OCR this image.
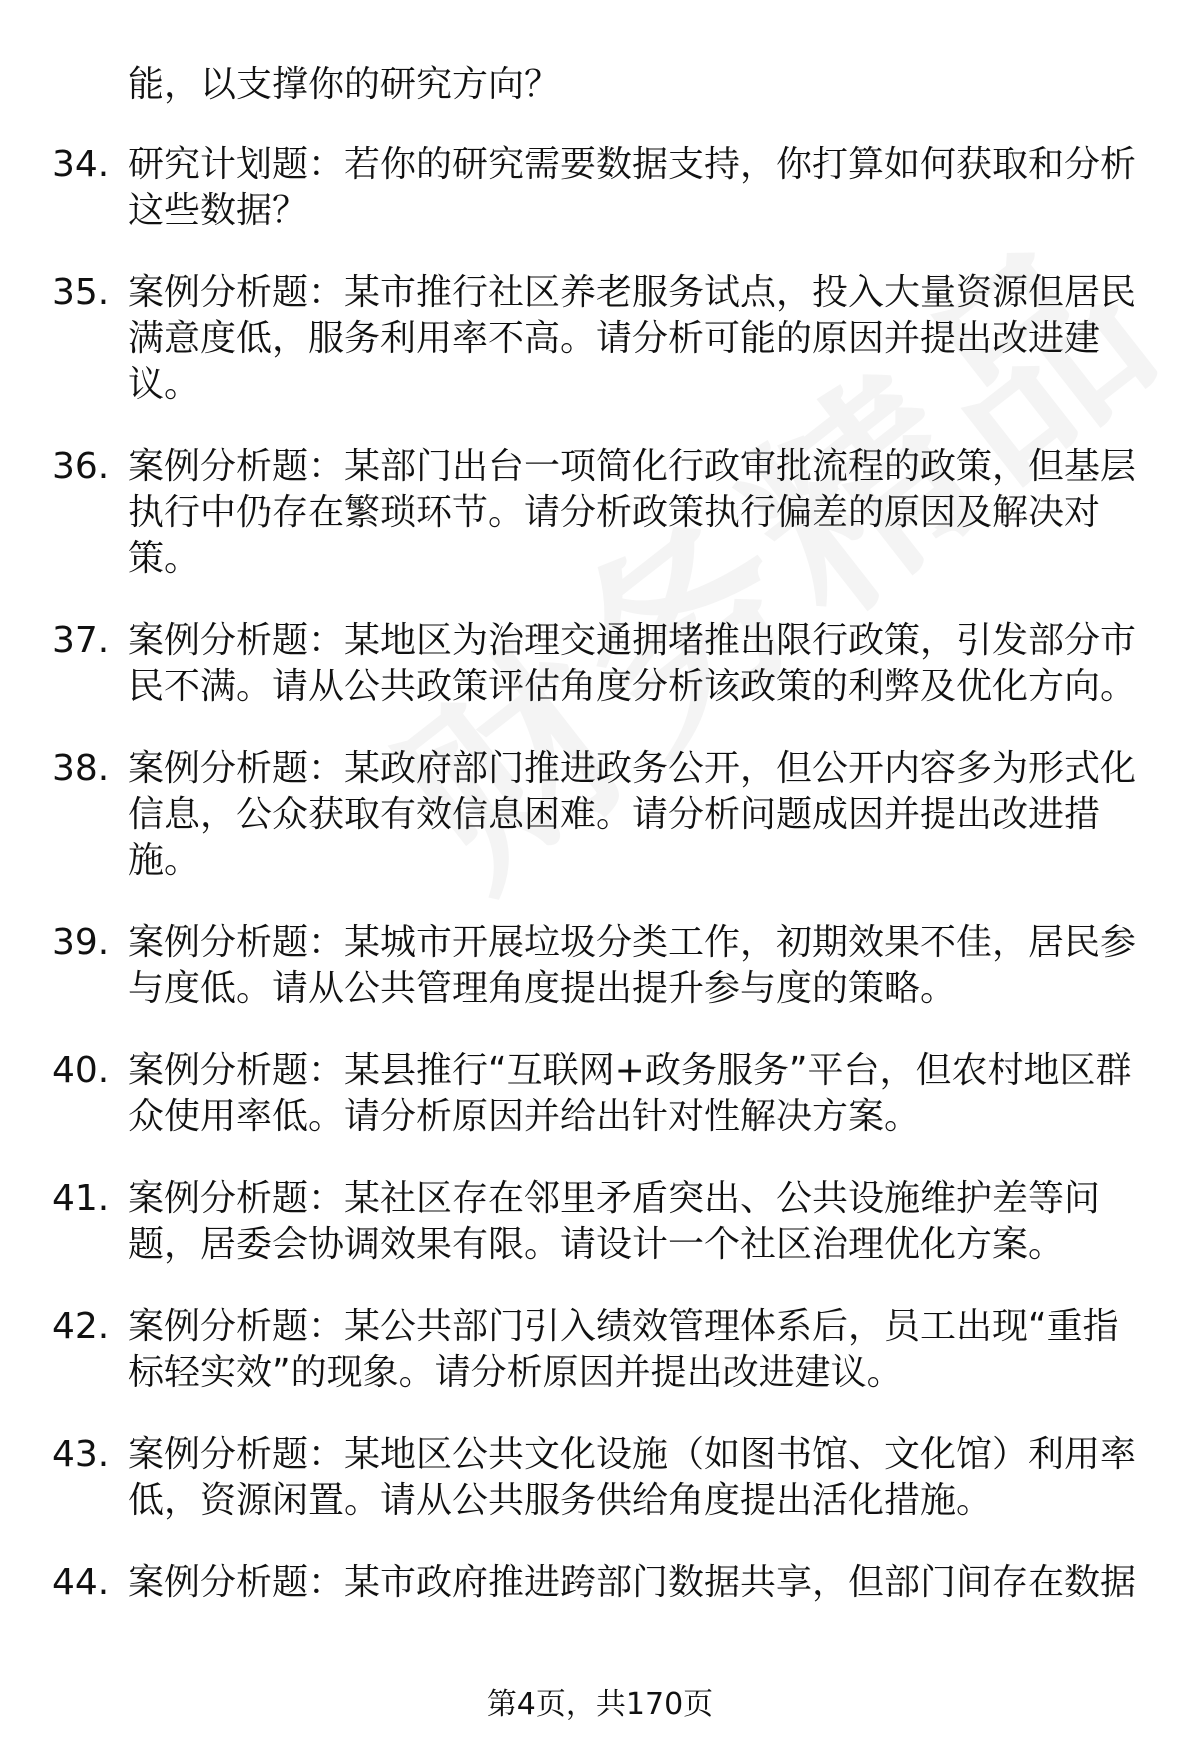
能，以支撑你的研究方向？
34. 研究计划题：若你的研究需要数据支持，你打算如何获取和分析这些数据？
35. 案例分析题：某市推行社区养老服务试点，投入大量资源但居民满意度低，服务利用率不高。请分析可能的原因并提出改进建议。
36. 案例分析题：某部门出台一项简化行政审批流程的政策，但基层执行中仍存在繁琐环节。请分析政策执行偏差的原因及解决对策。
37. 案例分析题：某地区为治理交通拥堵推出限行政策，引发部分市民不满。请从公共政策评估角度分析该政策的利弊及优化方向。
38. 案例分析题：某政府部门推进政务公开，但公开内容多为形式化信息，公众获取有效信息困难。请分析问题成因并提出改进措施。
39. 案例分析题：某城市开展垃圾分类工作，初期效果不佳，居民参与度低。请从公共管理角度提出提升参与度的策略。
40. 案例分析题：某县推行“互联网+政务服务”平台，但农村地区群众使用率低。请分析原因并给出针对性解决方案。
41. 案例分析题：某社区存在邻里矛盾突出、公共设施维护差等问题，居委会协调效果有限。请设计一个社区治理优化方案。
42. 案例分析题：某公共部门引入绩效管理体系后，员工出现“重指标轻实效”的现象。请分析原因并提出改进建议。
43. 案例分析题：某地区公共文化设施（如图书馆、文化馆）利用率低，资源闲置。请从公共服务供给角度提出活化措施。
44. 案例分析题：某市政府推进跨部门数据共享，但部门间存在数据
第4页，共170页
